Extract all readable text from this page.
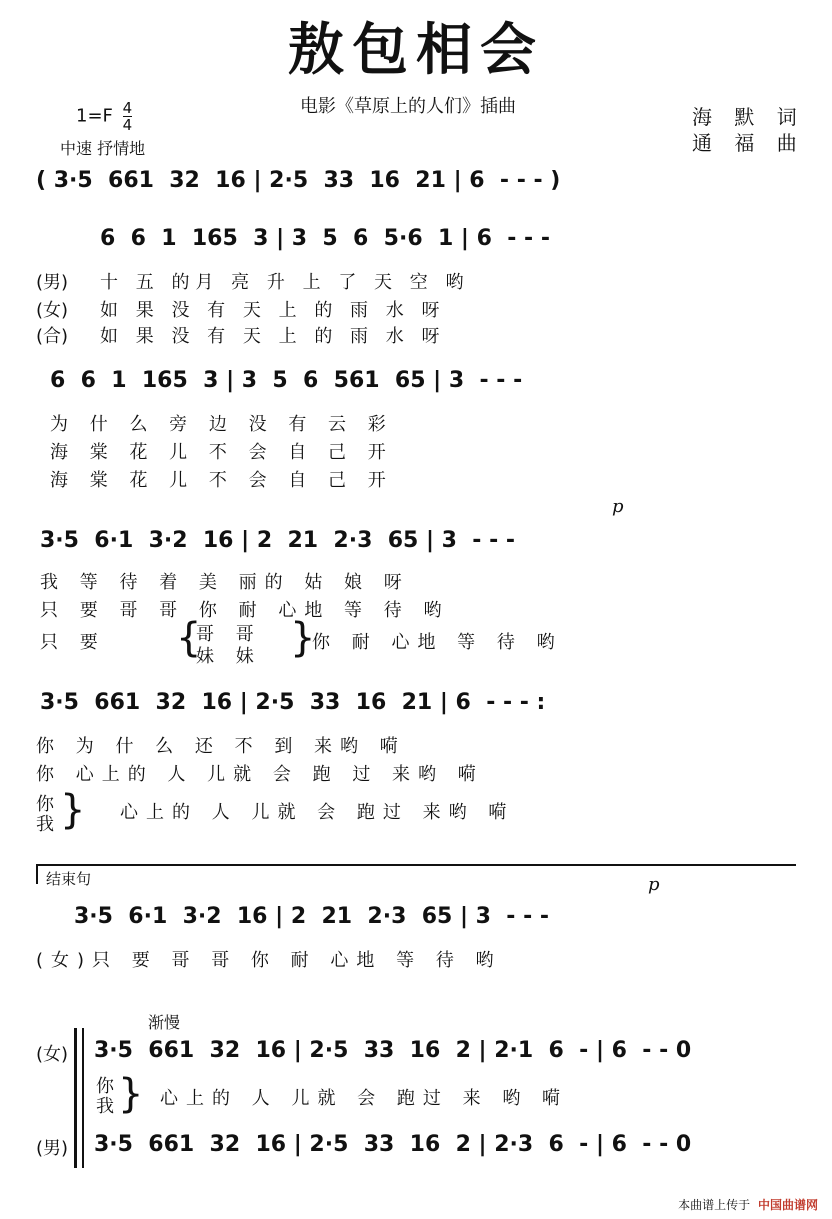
敖包相会
电影《草原上的人们》插曲
$1=F \frac{4}{4}$
中速 抒情地
海 默 词
通 福 曲
( 3·5  661  32  16 | 2·5  33  16  21 | 6  - - - )
6  6  1  165  3 | 3  5  6  5·6  1 | 6  - - -
(男) 十 五 的月 亮 升 上 了 天 空 哟
(女) 如 果 没 有 天 上 的 雨 水 呀
(合) 如 果 没 有 天 上 的 雨 水 呀
6  6  1  165  3 | 3  5  6  561  65 | 3  - - -
为 什 么 旁 边 没 有 云 彩
海 棠 花 儿 不 会 自 己 开
海 棠 花 儿 不 会 自 己 开
p
3·5  6·1  3·2  16 | 2  21  2·3  65 | 3  - - -
我 等 待 着 美 丽的 姑 娘 呀
只 要 哥 哥 你 耐 心地 等 待 哟
只 要 {
哥 哥
妹 妹 }
你 耐 心地 等 待 哟
3·5  661  32  16 | 2·5  33  16  21 | 6  - - - :
你 为 什 么 还 不 到 来哟 嗬
你 心上的 人 儿就 会 跑 过 来哟 嗬
你
我 } 心上的 人 儿就 会 跑过 来哟 嗬
结束句	p
3·5  6·1  3·2  16 | 2  21  2·3  65 | 3  - - -
(女)只 要 哥 哥 你 耐 心地 等 待 哟
渐慢
(女) 3·5  661  32  16 | 2·5  33  16  2 | 2·1  6  - | 6  - - 0
你
我 } 心上的 人 儿就 会 跑过 来 哟 嗬
(男) 3·5  661  32  16 | 2·5  33  16  2 | 2·3  6  - | 6  - - 0
本曲谱上传于 中国曲谱网
